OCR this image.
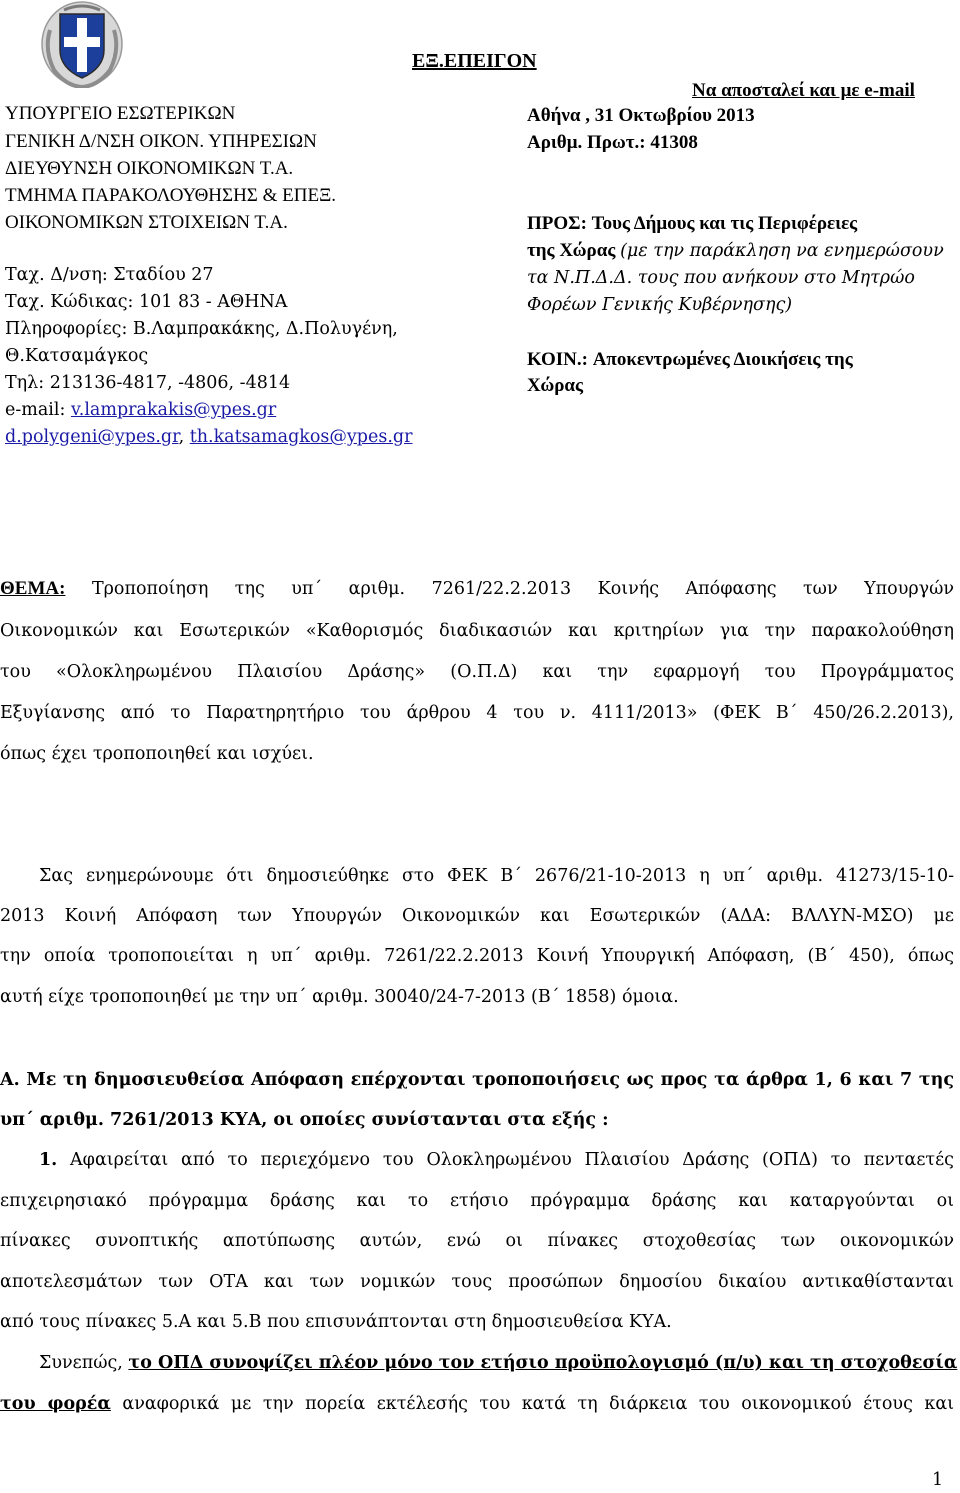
ΕΞ.ΕΠΕΙΓΟΝ
Να αποσταλεί και με e-mail
Αθήνα , 31 Οκτωβρίου 2013
Αριθμ. Πρωτ.: 41308
ΥΠΟΥΡΓΕΙΟ ΕΣΩΤΕΡΙΚΩΝ
ΓΕΝΙΚΗ Δ/ΝΣΗ ΟΙΚΟΝ. ΥΠΗΡΕΣΙΩΝ
ΔΙΕΥΘΥΝΣΗ ΟΙΚΟΝΟΜΙΚΩΝ Τ.Α.
ΤΜΗΜΑ ΠΑΡΑΚΟΛΟΥΘΗΣΗΣ & ΕΠΕΞ.
ΟΙΚΟΝΟΜΙΚΩΝ ΣΤΟΙΧΕΙΩΝ Τ.Α.
Ταχ. Δ/νση: Σταδίου 27
Ταχ. Κώδικας: 101 83 - ΑΘΗΝΑ
Πληροφορίες: Β.Λαμπρακάκης, Δ.Πολυγένη,
Θ.Κατσαμάγκος
Τηλ: 213136-4817, -4806, -4814
e-mail: v.lamprakakis@ypes.gr
d.polygeni@ypes.gr, th.katsamagkos@ypes.gr
ΠΡΟΣ: Τους Δήμους και τις Περιφέρειες
της Χώρας (με την παράκληση να ενημερώσουν
τα Ν.Π.Δ.Δ. τους που ανήκουν στο Μητρώο
Φορέων Γενικής Κυβέρνησης)
ΚΟΙΝ.: Αποκεντρωμένες Διοικήσεις της
Χώρας
ΘΕΜΑ: Τροποποίηση της υπ΄ αριθμ. 7261/22.2.2013 Κοινής Απόφασης των Υπουργών
Οικονομικών και Εσωτερικών «Καθορισμός διαδικασιών και κριτηρίων για την παρακολούθηση
του «Ολοκληρωμένου Πλαισίου Δράσης» (Ο.Π.Δ) και την εφαρμογή του Προγράμματος
Εξυγίανσης από το Παρατηρητήριο του άρθρου 4 του ν. 4111/2013» (ΦΕΚ Β΄ 450/26.2.2013),
όπως έχει τροποποιηθεί και ισχύει.
Σας ενημερώνουμε ότι δημοσιεύθηκε στο ΦΕΚ Β΄ 2676/21-10-2013 η υπ΄ αριθμ. 41273/15-10-
2013 Κοινή Απόφαση των Υπουργών Οικονομικών και Εσωτερικών (ΑΔΑ: ΒΛΛΥΝ-ΜΣΟ) με
την οποία τροποποιείται η υπ΄ αριθμ. 7261/22.2.2013 Κοινή Υπουργική Απόφαση, (Β΄ 450), όπως
αυτή είχε τροποποιηθεί με την υπ΄ αριθμ. 30040/24-7-2013 (Β΄ 1858) όμοια.
Α. Με τη δημοσιευθείσα Απόφαση επέρχονται τροποποιήσεις ως προς τα άρθρα 1, 6 και 7 της
υπ΄ αριθμ. 7261/2013 ΚΥΑ, οι οποίες συνίστανται στα εξής :
1. Αφαιρείται από το περιεχόμενο του Ολοκληρωμένου Πλαισίου Δράσης (ΟΠΔ) το πενταετές
επιχειρησιακό πρόγραμμα δράσης και το ετήσιο πρόγραμμα δράσης και καταργούνται οι
πίνακες συνοπτικής αποτύπωσης αυτών, ενώ οι πίνακες στοχοθεσίας των οικονομικών
αποτελεσμάτων των ΟΤΑ και των νομικών τους προσώπων δημοσίου δικαίου αντικαθίστανται
από τους πίνακες 5.Α και 5.Β που επισυνάπτονται στη δημοσιευθείσα ΚΥΑ.
Συνεπώς, το ΟΠΔ συνοψίζει πλέον μόνο τον ετήσιο προϋπολογισμό (π/υ) και τη στοχοθεσία
του φορέα αναφορικά με την πορεία εκτέλεσής του κατά τη διάρκεια του οικονομικού έτους και
1
